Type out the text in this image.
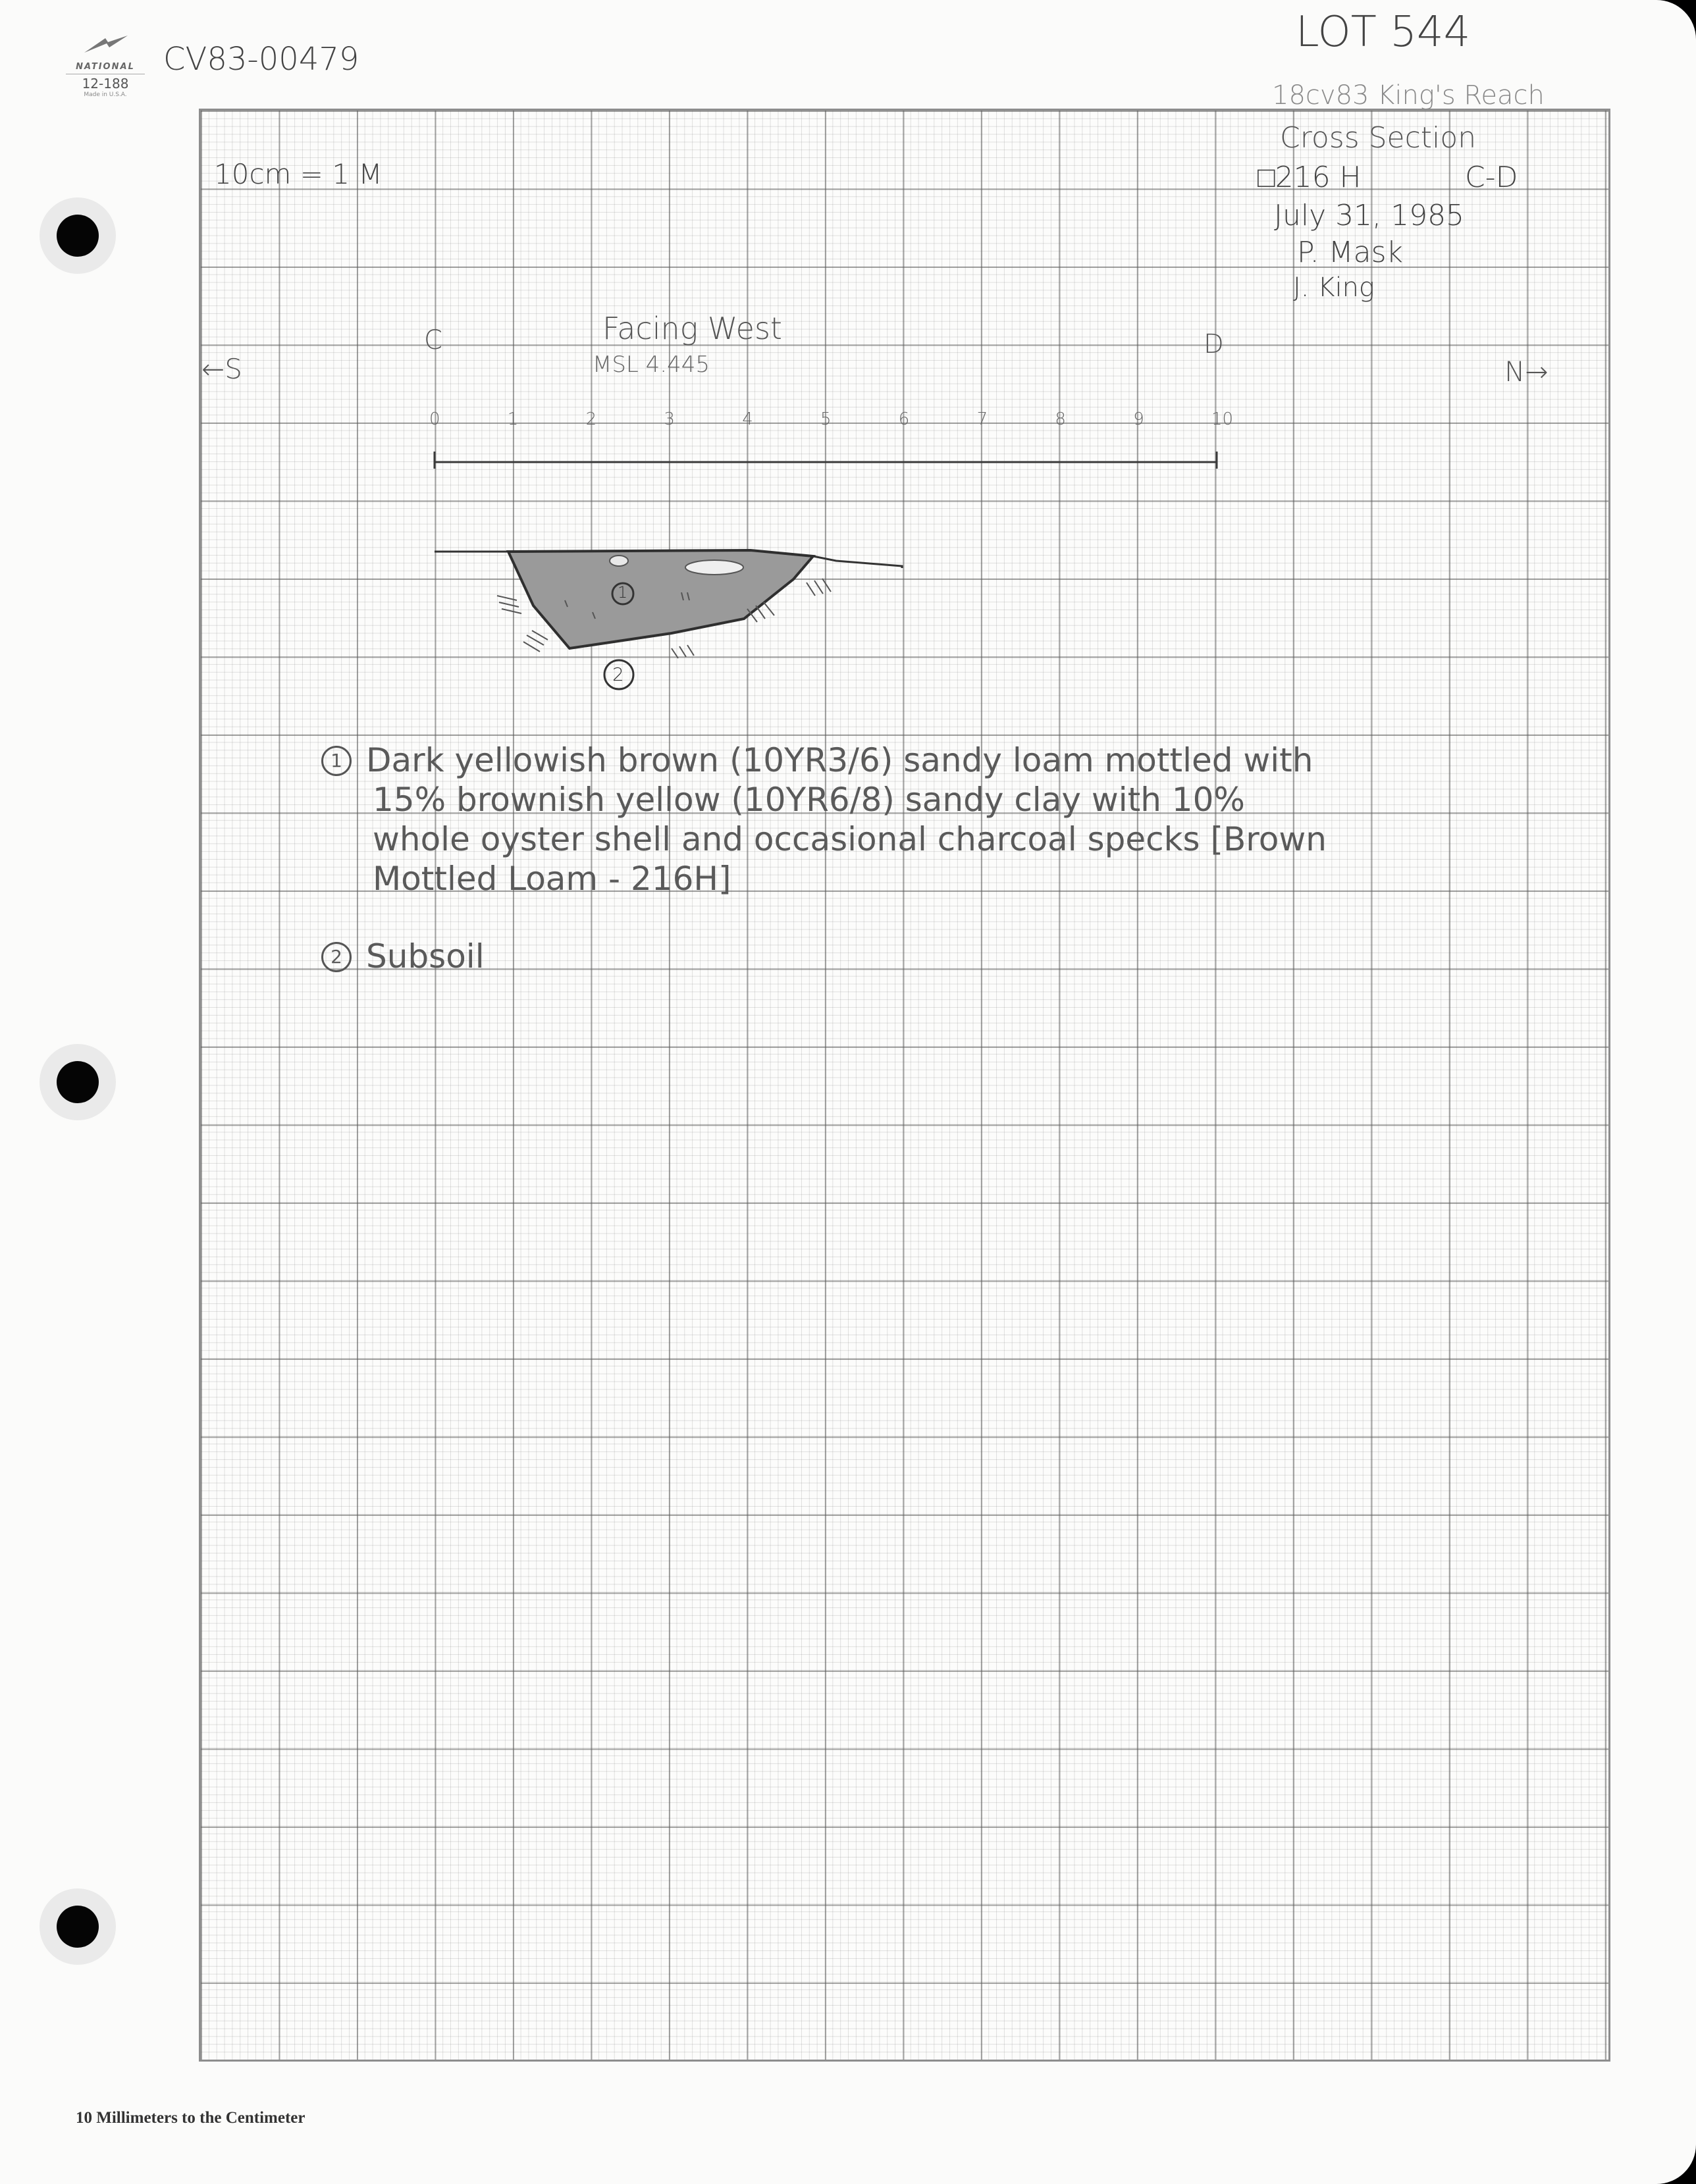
NATIONAL
12-188
Made in U.S.A.
CV83-00479
LOT 544
18cv83 King's Reach
Cross Section
□216 H	C-D
July 31, 1985
P. Mask
J. King
10cm = 1 M
C	D
Facing West
MSL 4.445
←S	N→
0	1	2	3	4	5	6	7	8	9	10
1
2
1 Dark yellowish brown (10YR3/6) sandy loam mottled with
15% brownish yellow (10YR6/8) sandy clay with 10%
whole oyster shell and occasional charcoal specks [Brown
Mottled Loam - 216H]
2 Subsoil
10 Millimeters to the Centimeter
